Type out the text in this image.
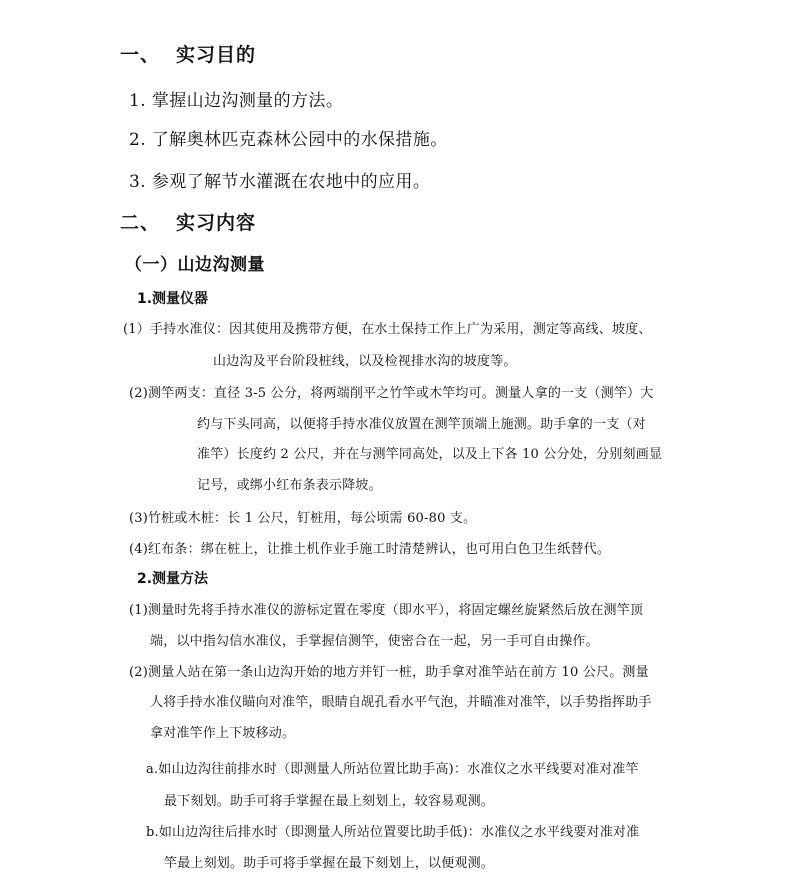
一、 实习目的
1. 掌握山边沟测量的方法。
2. 了解奥林匹克森林公园中的水保措施。
3. 参观了解节水灌溉在农地中的应用。
二、 实习内容
（一）山边沟测量
1.测量仪器
(1）手持水准仪：因其使用及携带方便，在水土保持工作上广为采用，测定等高线、坡度、
山边沟及平台阶段桩线，以及检视排水沟的坡度等。
(2)测竿两支：直径 3-5 公分，将两端削平之竹竿或木竿均可。测量人拿的一支（测竿）大
约与下头同高，以便将手持水准仪放置在测竿顶端上施测。助手拿的一支（对
准竿）长度约 2 公尺，并在与测竿同高处，以及上下各 10 公分处，分别刻画显
记号，或绑小红布条表示降坡。
(3)竹桩或木桩：长 1 公尺，钉桩用，每公顷需 60-80 支。
(4)红布条：绑在桩上，让推土机作业手施工时清楚辨认，也可用白色卫生纸替代。
2.测量方法
(1)测量时先将手持水准仪的游标定置在零度（即水平），将固定螺丝旋紧然后放在测竿顶
端，以中指勾信水准仪，手掌握信测竿，使密合在一起，另一手可自由操作。
(2)测量人站在第一条山边沟开始的地方并钉一桩，助手拿对准竿站在前方 10 公尺。测量
人将手持水准仪瞄向对准竿，眼睛自觇孔看水平气泡，并瞄准对准竿，以手势指挥助手
拿对准竿作上下坡移动。
a.如山边沟往前排水时（即测量人所站位置比助手高)：水准仪之水平线要对准对准竿
最下刻划。助手可将手掌握在最上刻划上，较容易观测。
b.如山边沟往后排水时（即测量人所站位置要比助手低)：水准仪之水平线要对准对准
竿最上刻划。助手可将手掌握在最下刻划上，以便观测。
